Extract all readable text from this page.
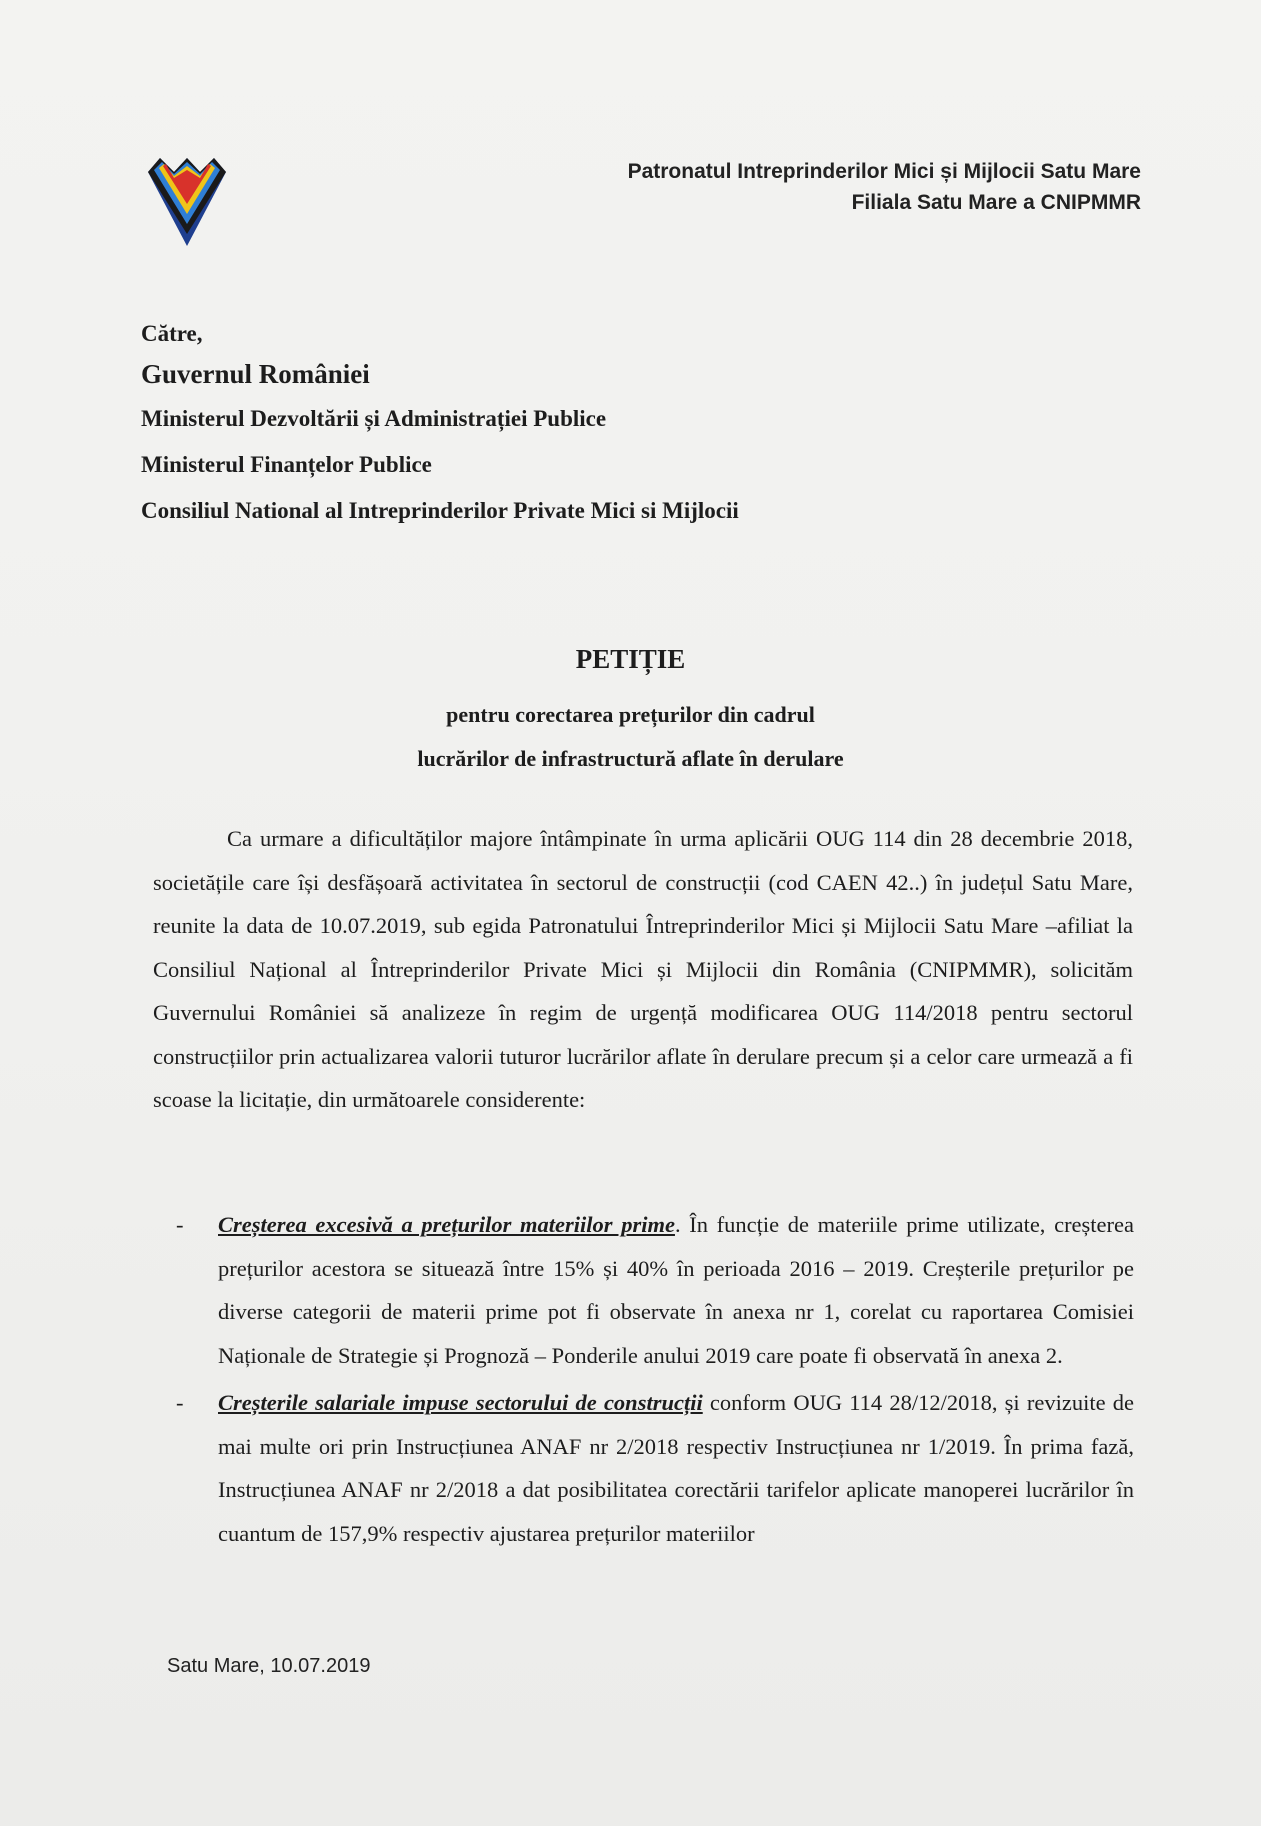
Patronatul Intreprinderilor Mici și Mijlocii Satu Mare
Filiala Satu Mare a CNIPMMR
Către,
Guvernul României
Ministerul Dezvoltării și Administrației Publice
Ministerul Finanțelor Publice
Consiliul National al Intreprinderilor Private Mici si Mijlocii
PETIȚIE
pentru corectarea prețurilor din cadrul
lucrărilor de infrastructură aflate în derulare

Ca urmare a dificultăților majore întâmpinate în urma aplicării OUG 114 din 28 decembrie 2018, societățile care își desfășoară activitatea în sectorul de construcții (cod CAEN 42..) în județul Satu Mare, reunite la data de 10.07.2019, sub egida Patronatului Întreprinderilor Mici și Mijlocii Satu Mare –afiliat la Consiliul Național al Întreprinderilor Private Mici și Mijlocii din România (CNIPMMR), solicităm Guvernului României să analizeze în regim de urgență modificarea OUG 114/2018 pentru sectorul construcțiilor prin actualizarea valorii tuturor lucrărilor aflate în derulare precum și a celor care urmează a fi scoase la licitație, din următoarele considerente:

- Creșterea excesivă a prețurilor materiilor prime. În funcție de materiile prime utilizate, creșterea prețurilor acestora se situează între 15% și 40% în perioada 2016 – 2019. Creșterile prețurilor pe diverse categorii de materii prime pot fi observate în anexa nr 1, corelat cu raportarea Comisiei Naționale de Strategie și Prognoză – Ponderile anului 2019 care poate fi observată în anexa 2.
- Creșterile salariale impuse sectorului de construcții conform OUG 114 28/12/2018, și revizuite de mai multe ori prin Instrucțiunea ANAF nr 2/2018 respectiv Instrucțiunea nr 1/2019. În prima fază, Instrucțiunea ANAF nr 2/2018 a dat posibilitatea corectării tarifelor aplicate manoperei lucrărilor în cuantum de 157,9% respectiv ajustarea prețurilor materiilor
Satu Mare, 10.07.2019
